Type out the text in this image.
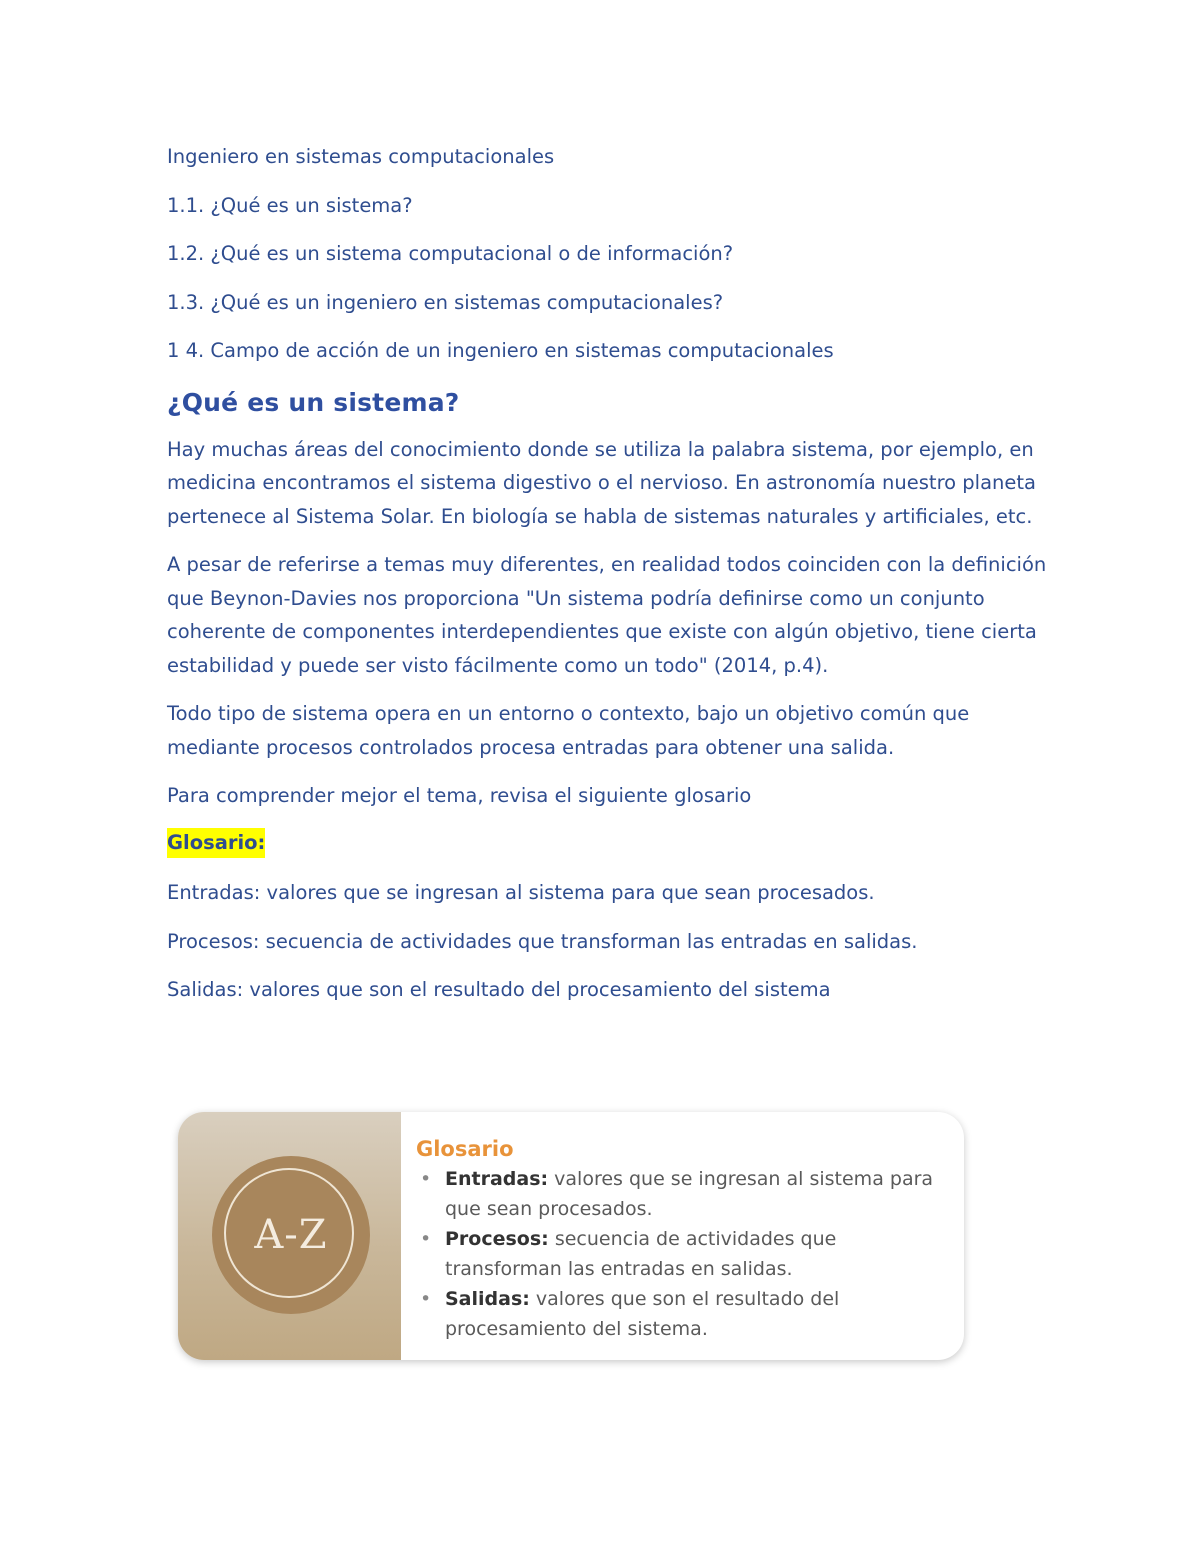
Ingeniero en sistemas computacionales

1.1. ¿Qué es un sistema?

1.2. ¿Qué es un sistema computacional o de información?

1.3. ¿Qué es un ingeniero en sistemas computacionales?

1 4. Campo de acción de un ingeniero en sistemas computacionales

¿Qué es un sistema?

Hay muchas áreas del conocimiento donde se utiliza la palabra sistema, por ejemplo, en medicina encontramos el sistema digestivo o el nervioso. En astronomía nuestro planeta pertenece al Sistema Solar. En biología se habla de sistemas naturales y artificiales, etc.

A pesar de referirse a temas muy diferentes, en realidad todos coinciden con la definición que Beynon-Davies nos proporciona "Un sistema podría definirse como un conjunto coherente de componentes interdependientes que existe con algún objetivo, tiene cierta estabilidad y puede ser visto fácilmente como un todo" (2014, p.4).

Todo tipo de sistema opera en un entorno o contexto, bajo un objetivo común que mediante procesos controlados procesa entradas para obtener una salida.

Para comprender mejor el tema, revisa el siguiente glosario

Glosario:

Entradas: valores que se ingresan al sistema para que sean procesados.

Procesos: secuencia de actividades que transforman las entradas en salidas.

Salidas: valores que son el resultado del procesamiento del sistema

A-Z
Glosario
• Entradas: valores que se ingresan al sistema para que sean procesados.
• Procesos: secuencia de actividades que transforman las entradas en salidas.
• Salidas: valores que son el resultado del procesamiento del sistema.
